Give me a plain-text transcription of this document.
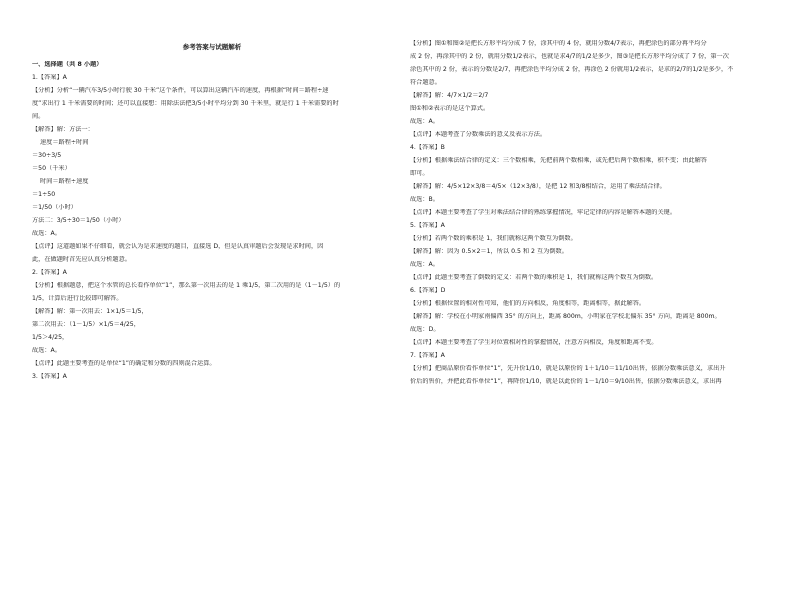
参考答案与试题解析
一、选择题（共 8 小题）
1.【答案】A
【分析】分析“一辆汽车3/5小时行驶 30 千米”这个条件，可以算出这辆汽车的速度，再根据“时间＝路程÷速
度”求出行 1 千米需要的时间；还可以直接想：用除法法把3/5小时平均分到 30 千米里，就是行 1 千米需要的时
间。
【解答】解：方法一：
速度＝路程÷时间
＝30÷3/5
＝50（千米）
时间＝路程÷速度
＝1÷50
＝1/50（小时）
方法二：3/5÷30＝1/50（小时）
故选：A。
【点评】这道题如果不仔细看，就会认为是求速度的题目，直接选 D，但是认真审题后会发现是求时间，因
此，在做题时首先应认真分析题意。
2.【答案】A
【分析】根据题意，把这个水管的总长看作单位“1”，那么第一次用去的是 1 乘1/5，第二次用的是（1－1/5）的
1/5，计算后进行比较即可解答。
【解答】解：第一次用去：1×1/5＝1/5，
第二次用去：（1－1/5）×1/5＝4/25，
1/5＞4/25，
故选：A。
【点评】此题主要考查的是单位“1”的确定和分数的四则混合运算。
3.【答案】A
【分析】图①和图②是把长方形平均分成 7 份，涂其中的 4 份，就用分数4/7表示，再把涂色的部分再平均分
成 2 份，再涂其中的 2 份，就用分数1/2表示，也就是求4/7的1/2是多少，图③是把长方形平均分成了 7 份，第一次
涂色其中的 2 份，表示的分数是2/7，再把涂色平均分成 2 份，再涂色 2 份就用1/2表示，是求的2/7的1/2是多少，不
符合题意。
【解答】解：4/7×1/2＝2/7
图①和②表示的是这个算式。
故选：A。
【点评】本题考查了分数乘法的意义及表示方法。
4.【答案】B
【分析】根据乘法结合律的定义：三个数相乘，先把前两个数相乘，或先把后两个数相乘，积不变；由此解答
即可。
【解答】解：4/5×12×3/8＝4/5×（12×3/8），是把 12 和3/8相结合，运用了乘法结合律。
故选：B。
【点评】本题主要考查了学生对乘法结合律的熟练掌握情况，牢记定律的内容是解答本题的关键。
5.【答案】A
【分析】若两个数的乘积是 1，我们就称这两个数互为倒数。
【解答】解：因为 0.5×2＝1，所以 0.5 和 2 互为倒数。
故选：A。
【点评】此题主要考查了倒数的定义：若两个数的乘积是 1，我们就称这两个数互为倒数。
6.【答案】D
【分析】根据位置的相对性可知，他们的方向相反，角度相等，距离相等，据此解答。
【解答】解：学校在小明家南偏西 35° 的方向上，距离 800m，小明家在学校北偏东 35° 方向，距离是 800m。
故选：D。
【点评】本题主要考查了学生对位置相对性的掌握情况，注意方向相反，角度和距离不变。
7.【答案】A
【分析】把商品原价看作单位“1”，先升价1/10，就是以原价的 1＋1/10＝11/10出售，依据分数乘法意义，求出升
价后的售价，并把此看作单位“1”，再降价1/10，就是以此价的 1－1/10＝9/10出售，依据分数乘法意义，求出再
